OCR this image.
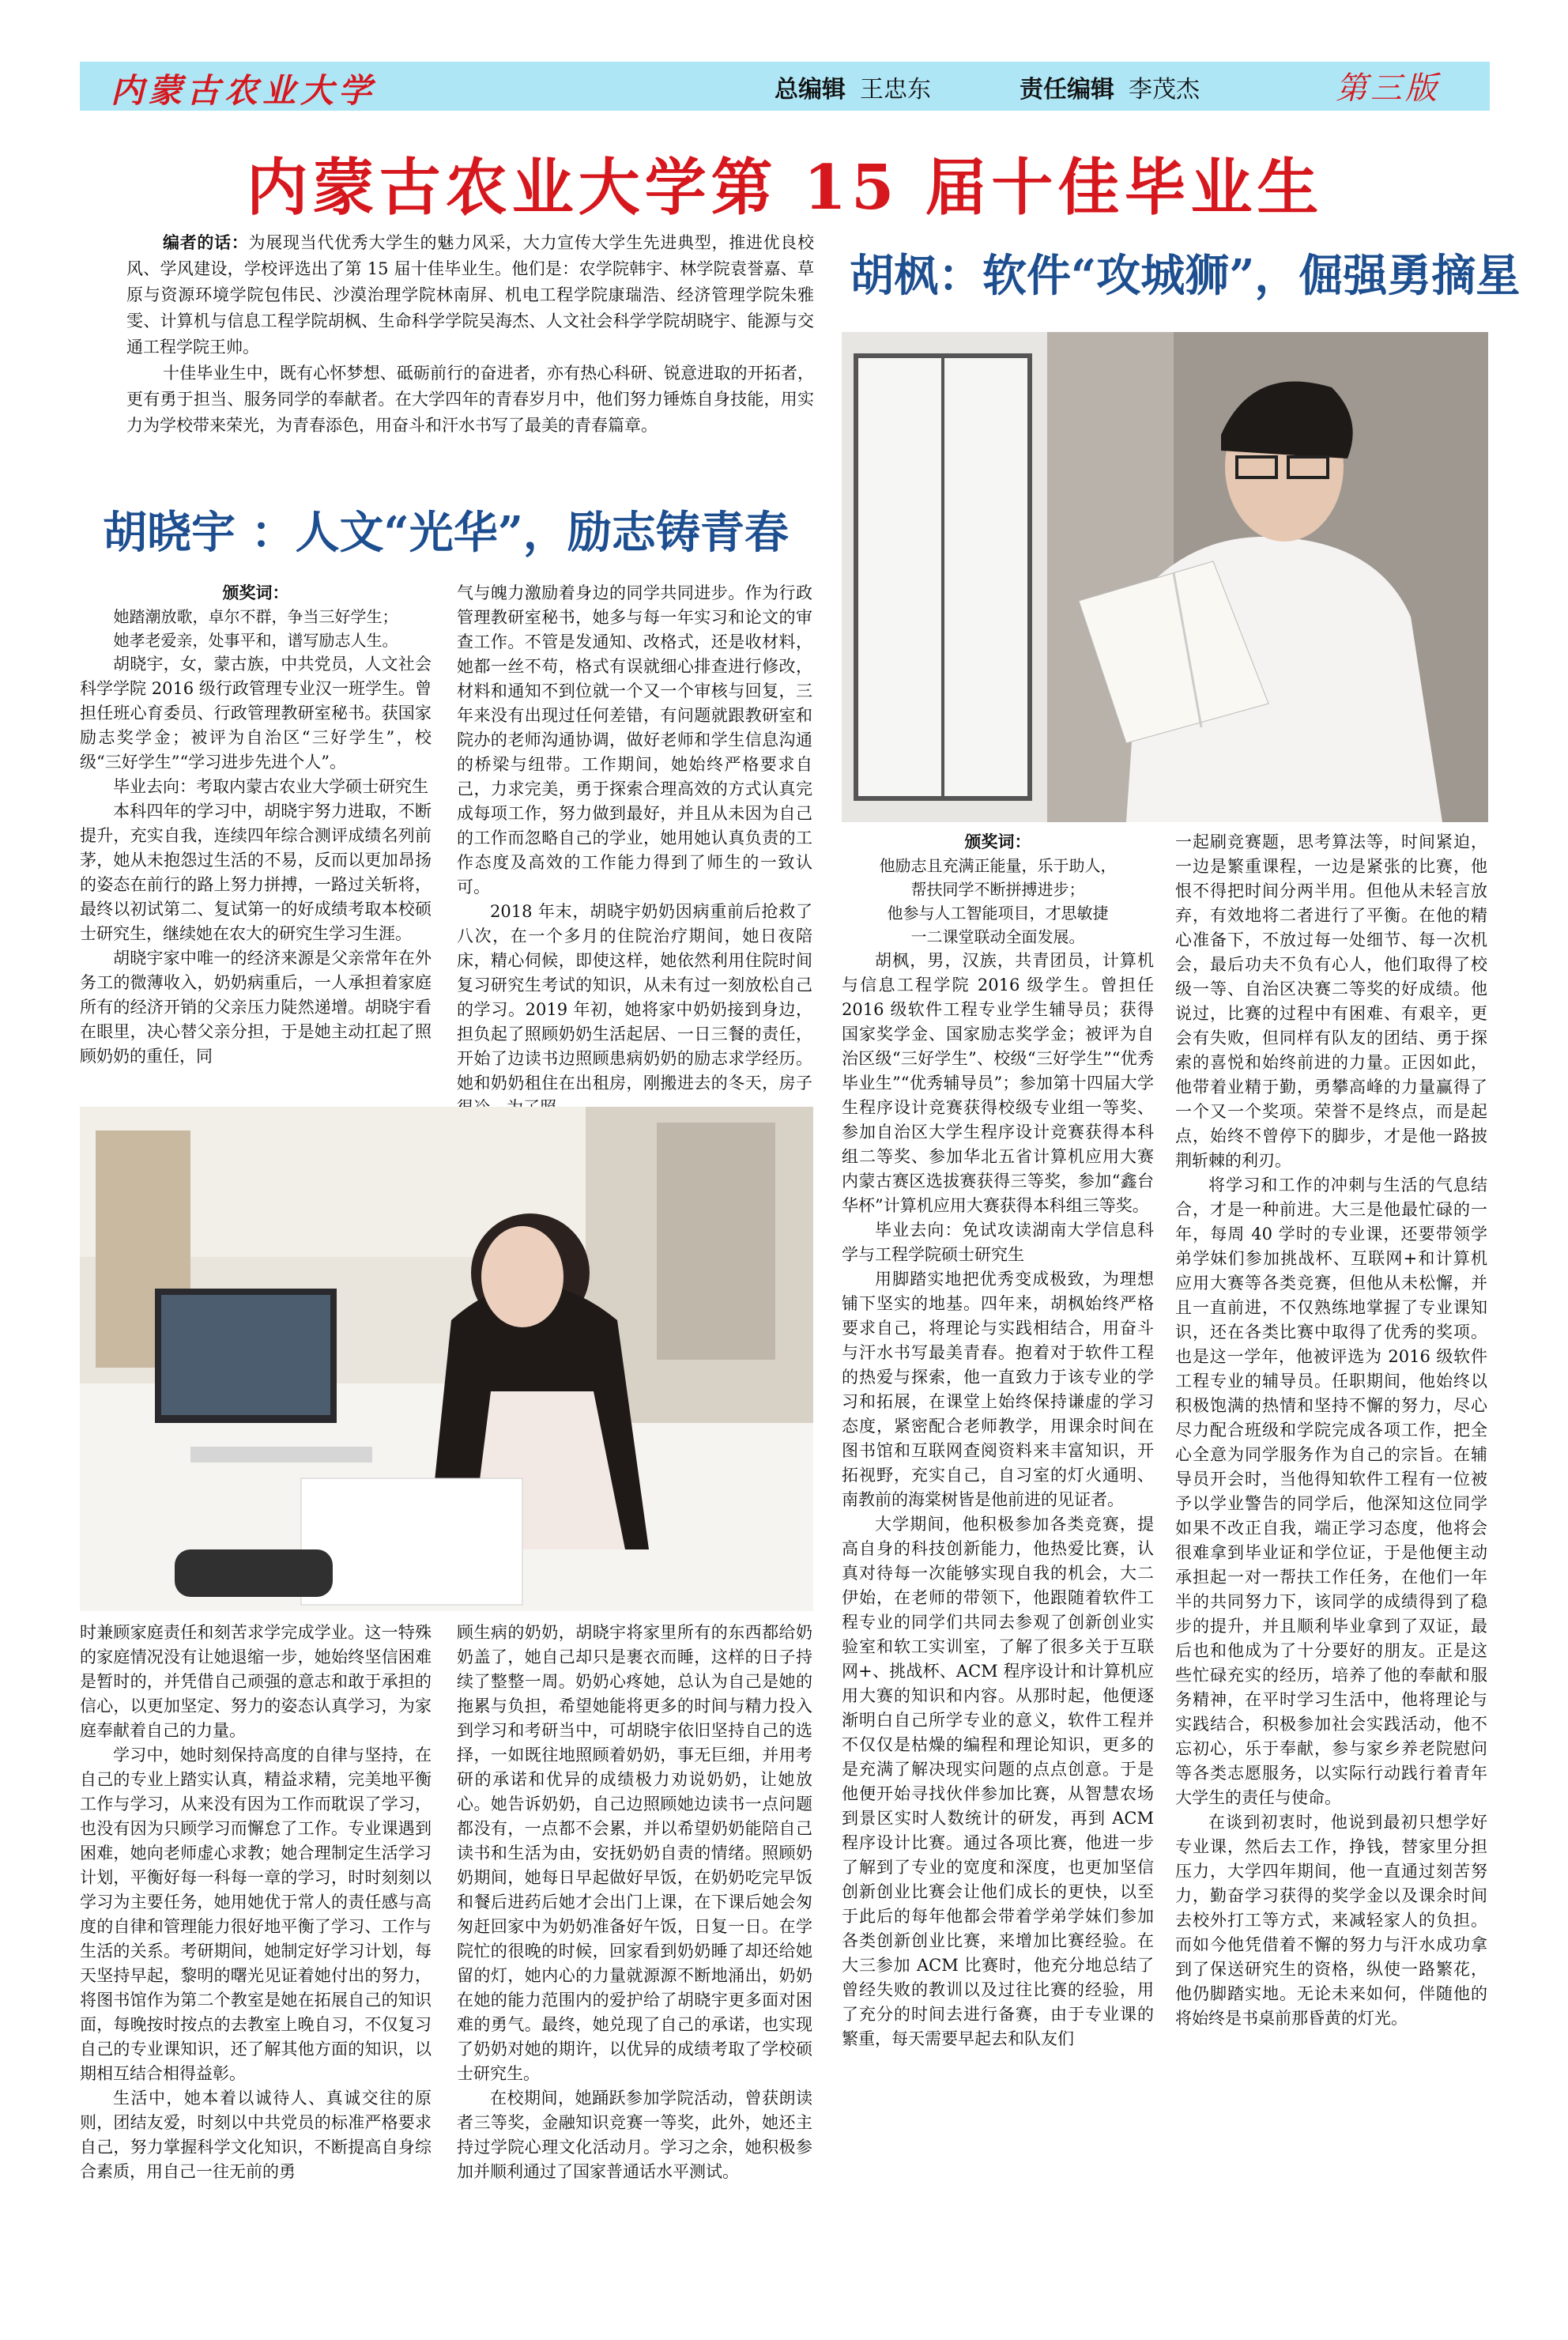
内蒙古农业大学	总编辑 王忠东	责任编辑 李茂杰	第三版
内蒙古农业大学第 15 届十佳毕业生

编者的话：为展现当代优秀大学生的魅力风采，大力宣传大学生先进典型，推进优良校风、学风建设，学校评选出了第 15 届十佳毕业生。他们是：农学院韩宇、林学院袁誉嘉、草原与资源环境学院包伟民、沙漠治理学院林南屏、机电工程学院康瑞浩、经济管理学院朱雅雯、计算机与信息工程学院胡枫、生命科学学院吴海杰、人文社会科学学院胡晓宇、能源与交通工程学院王帅。

十佳毕业生中，既有心怀梦想、砥砺前行的奋进者，亦有热心科研、锐意进取的开拓者，更有勇于担当、服务同学的奉献者。在大学四年的青春岁月中，他们努力锤炼自身技能，用实力为学校带来荣光，为青春添色，用奋斗和汗水书写了最美的青春篇章。

胡晓宇 ：人文“光华”，励志铸青春
颁奖词：
她踏潮放歌，卓尔不群，争当三好学生；
她孝老爱亲，处事平和，谱写励志人生。

胡晓宇，女，蒙古族，中共党员，人文社会科学学院 2016 级行政管理专业汉一班学生。曾担任班心育委员、行政管理教研室秘书。获国家励志奖学金；被评为自治区“三好学生”，校级“三好学生”“学习进步先进个人”。

毕业去向：考取内蒙古农业大学硕士研究生

本科四年的学习中，胡晓宇努力进取，不断提升，充实自我，连续四年综合测评成绩名列前茅，她从未抱怨过生活的不易，反而以更加昂扬的姿态在前行的路上努力拼搏，一路过关斩将，最终以初试第二、复试第一的好成绩考取本校硕士研究生，继续她在农大的研究生学习生涯。

胡晓宇家中唯一的经济来源是父亲常年在外务工的微薄收入，奶奶病重后，一人承担着家庭所有的经济开销的父亲压力陡然递增。胡晓宇看在眼里，决心替父亲分担，于是她主动扛起了照顾奶奶的重任，同

气与魄力激励着身边的同学共同进步。作为行政管理教研室秘书，她多与每一年实习和论文的审查工作。不管是发通知、改格式，还是收材料，她都一丝不苟，格式有误就细心排查进行修改，材料和通知不到位就一个又一个审核与回复，三年来没有出现过任何差错，有问题就跟教研室和院办的老师沟通协调，做好老师和学生信息沟通的桥梁与纽带。工作期间，她始终严格要求自己，力求完美，勇于探索合理高效的方式认真完成每项工作，努力做到最好，并且从未因为自己的工作而忽略自己的学业，她用她认真负责的工作态度及高效的工作能力得到了师生的一致认可。

2018 年末，胡晓宇奶奶因病重前后抢救了八次，在一个多月的住院治疗期间，她日夜陪床，精心伺候，即使这样，她依然利用住院时间复习研究生考试的知识，从未有过一刻放松自己的学习。2019 年初，她将家中奶奶接到身边，担负起了照顾奶奶生活起居、一日三餐的责任，开始了边读书边照顾患病奶奶的励志求学经历。她和奶奶租住在出租房，刚搬进去的冬天，房子

时兼顾家庭责任和刻苦求学完成学业。这一特殊的家庭情况没有让她退缩一步，她始终坚信困难是暂时的，并凭借自己顽强的意志和敢于承担的信心，以更加坚定、努力的姿态认真学习，为家庭奉献着自己的力量。

学习中，她时刻保持高度的自律与坚持，在自己的专业上踏实认真，精益求精，完美地平衡工作与学习，从来没有因为工作而耽误了学习，也没有因为只顾学习而懈怠了工作。专业课遇到困难，她向老师虚心求教；她合理制定生活学习计划，平衡好每一科每一章的学习，时时刻刻以学习为主要任务，她用她优于常人的责任感与高度的自律和管理能力很好地平衡了学习、工作与生活的关系。考研期间，她制定好学习计划，每天坚持早起，黎明的曙光见证着她付出的努力，将图书馆作为第二个教室是她在拓展自己的知识面，每晚按时按点的去教室上晚自习，不仅复习自己的专业课知识，还了解其他方面的知识，以期相互结合相得益彰。

生活中，她本着以诚待人、真诚交往的原则，团结友爱，时刻以中共党员的标准严格要求自己，努力掌握科学文化知识，不断提高自身综合素质，用自己一往无前的勇

顾生病的奶奶，胡晓宇将家里所有的东西都给奶奶盖了，她自己却只是裹衣而睡，这样的日子持续了整整一周。奶奶心疼她，总认为自己是她的拖累与负担，希望她能将更多的时间与精力投入到学习和考研当中，可胡晓宇依旧坚持自己的选择，一如既往地照顾着奶奶，事无巨细，并用考研的承诺和优异的成绩极力劝说奶奶，让她放心。她告诉奶奶，自己边照顾她边读书一点问题都没有，一点都不会累，并以希望奶奶能陪自己读书和生活为由，安抚奶奶自责的情绪。照顾奶奶期间，她每日早起做好早饭，在奶奶吃完早饭和餐后进药后她才会出门上课，在下课后她会匆匆赶回家中为奶奶准备好午饭，日复一日。在学院忙的很晚的时候，回家看到奶奶睡了却还给她留的灯，她内心的力量就源源不断地涌出，奶奶在她的能力范围内的爱护给了胡晓宇更多面对困难的勇气。最终，她兑现了自己的承诺，也实现了奶奶对她的期许，以优异的成绩考取了学校硕士研究生。

在校期间，她踊跃参加学院活动，曾获朗读者三等奖，金融知识竞赛一等奖，此外，她还主持过学院心理文化活动月。学习之余，她积极参加并顺利通过了国家普通话水平测试。

胡枫：软件“攻城狮”，倔强勇摘星
颁奖词：
他励志且充满正能量，乐于助人，
帮扶同学不断拼搏进步；
他参与人工智能项目，才思敏捷
一二课堂联动全面发展。

胡枫，男，汉族，共青团员，计算机与信息工程学院 2016 级学生。曾担任 2016 级软件工程专业学生辅导员；获得国家奖学金、国家励志奖学金；被评为自治区级“三好学生”、校级“三好学生”“优秀毕业生”“优秀辅导员”；参加第十四届大学生程序设计竞赛获得校级专业组一等奖、参加自治区大学生程序设计竞赛获得本科组二等奖、参加华北五省计算机应用大赛内蒙古赛区选拔赛获得三等奖，参加“鑫台华杯”计算机应用大赛获得本科组三等奖。

毕业去向：免试攻读湖南大学信息科学与工程学院硕士研究生

用脚踏实地把优秀变成极致，为理想铺下坚实的地基。四年来，胡枫始终严格要求自己，将理论与实践相结合，用奋斗与汗水书写最美青春。抱着对于软件工程的热爱与探索，他一直致力于该专业的学习和拓展，在课堂上始终保持谦虚的学习态度，紧密配合老师教学，用课余时间在图书馆和互联网查阅资料来丰富知识，开拓视野，充实自己，自习室的灯火通明、南教前的海棠树皆是他前进的见证者。

大学期间，他积极参加各类竞赛，提高自身的科技创新能力，他热爱比赛，认真对待每一次能够实现自我的机会，大二伊始，在老师的带领下，他跟随着软件工程专业的同学们共同去参观了创新创业实验室和软工实训室，了解了很多关于互联网+、挑战杯、ACM 程序设计和计算机应用大赛的知识和内容。从那时起，他便逐渐明白自己所学专业的意义，软件工程并不仅仅是枯燥的编程和理论知识，更多的是充满了解决现实问题的点点创意。于是他便开始寻找伙伴参加比赛，从智慧农场到景区实时人数统计的研发，再到 ACM 程序设计比赛。通过各项比赛，他进一步了解到了专业的宽度和深度，也更加坚信创新创业比赛会让他们成长的更快，以至于此后的每年他都会带着学弟学妹们参加各类创新创业比赛，来增加比赛经验。在大三参加 ACM 比赛时，他充分地总结了曾经失败的教训以及过往比赛的经验，用了充分的时间去进行备赛，由于专业课的繁重，每天需要早起去和队友们

一起刷竞赛题，思考算法等，时间紧迫，一边是繁重课程，一边是紧张的比赛，他恨不得把时间分两半用。但他从未轻言放弃，有效地将二者进行了平衡。在他的精心准备下，不放过每一处细节、每一次机会，最后功夫不负有心人，他们取得了校级一等、自治区决赛二等奖的好成绩。他说过，比赛的过程中有困难、有艰辛，更会有失败，但同样有队友的团结、勇于探索的喜悦和始终前进的力量。正因如此，他带着业精于勤，勇攀高峰的力量赢得了一个又一个奖项。荣誉不是终点，而是起点，始终不曾停下的脚步，才是他一路披荆斩棘的利刃。

将学习和工作的冲刺与生活的气息结合，才是一种前进。大三是他最忙碌的一年，每周 40 学时的专业课，还要带领学弟学妹们参加挑战杯、互联网+和计算机应用大赛等各类竞赛，但他从未松懈，并且一直前进，不仅熟练地掌握了专业课知识，还在各类比赛中取得了优秀的奖项。也是这一学年，他被评选为 2016 级软件工程专业的辅导员。任职期间，他始终以积极饱满的热情和坚持不懈的努力，尽心尽力配合班级和学院完成各项工作，把全心全意为同学服务作为自己的宗旨。在辅导员开会时，当他得知软件工程有一位被予以学业警告的同学后，他深知这位同学如果不改正自我，端正学习态度，他将会很难拿到毕业证和学位证，于是他便主动承担起一对一帮扶工作任务，在他们一年半的共同努力下，该同学的成绩得到了稳步的提升，并且顺利毕业拿到了双证，最后也和他成为了十分要好的朋友。正是这些忙碌充实的经历，培养了他的奉献和服务精神，在平时学习生活中，他将理论与实践结合，积极参加社会实践活动，他不忘初心，乐于奉献，参与家乡养老院慰问等各类志愿服务，以实际行动践行着青年大学生的责任与使命。

在谈到初衷时，他说到最初只想学好专业课，然后去工作，挣钱，替家里分担压力，大学四年期间，他一直通过刻苦努力，勤奋学习获得的奖学金以及课余时间去校外打工等方式，来减轻家人的负担。而如今他凭借着不懈的努力与汗水成功拿到了保送研究生的资格，纵使一路繁花，他仍脚踏实地。无论未来如何，伴随他的将始终是书桌前那昏黄的灯光。
